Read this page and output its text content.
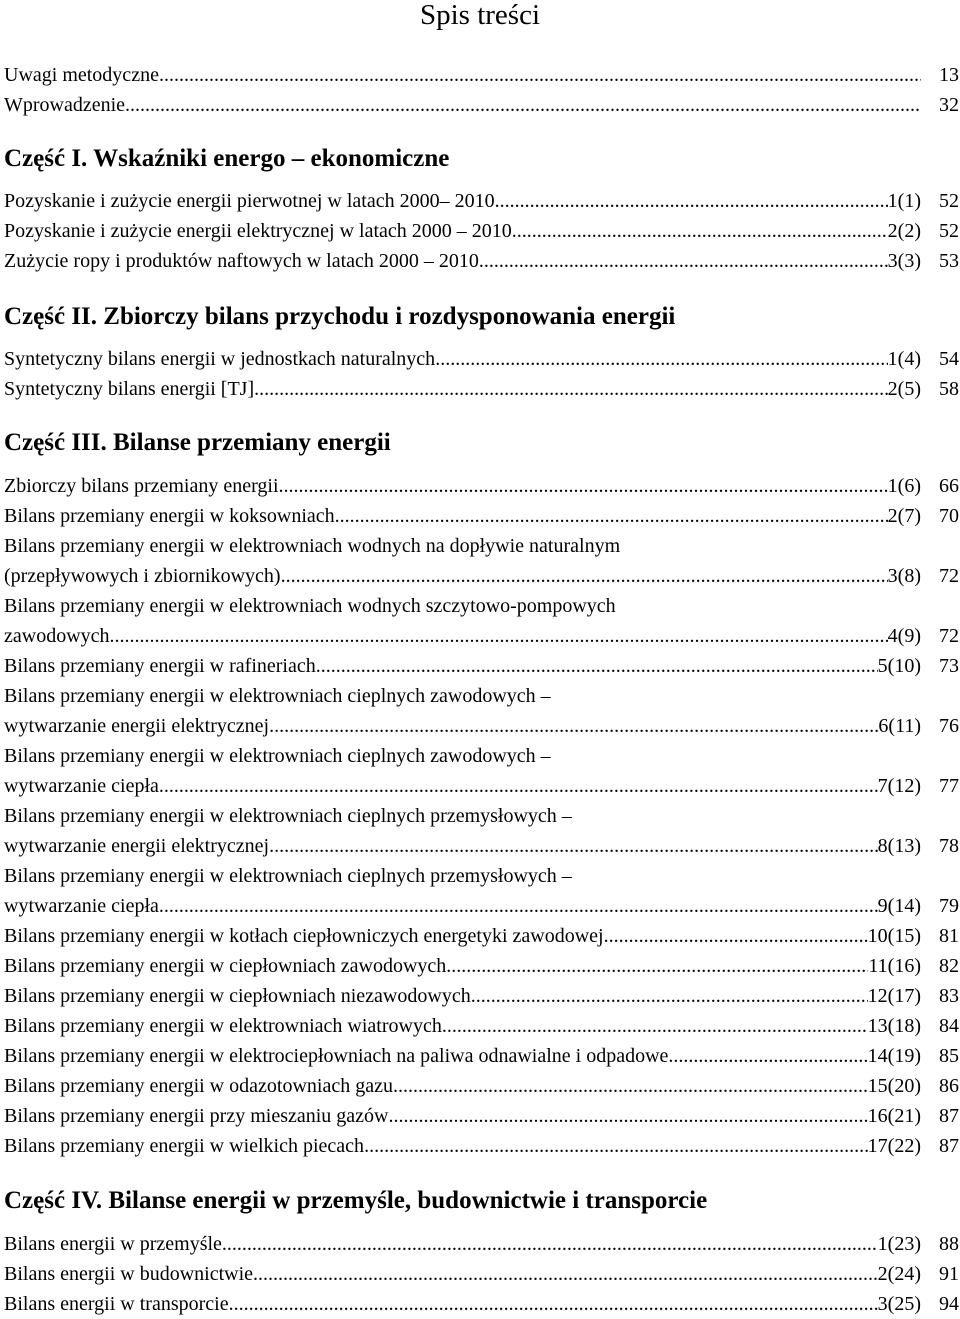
Spis treści
Uwagi metodyczne .....	13
Wprowadzenie .....	32
Część I. Wskaźniki energo – ekonomiczne
Pozyskanie i zużycie energii pierwotnej w latach 2000– 2010 .....	1(1) 52
Pozyskanie i zużycie energii elektrycznej w latach 2000 – 2010 .....	2(2) 52
Zużycie ropy i produktów naftowych w latach 2000 – 2010 .....	3(3) 53
Część II. Zbiorczy bilans przychodu i rozdysponowania energii
Syntetyczny bilans energii w jednostkach naturalnych .....	1(4) 54
Syntetyczny bilans energii [TJ] .....	2(5) 58
Część III. Bilanse przemiany energii
Zbiorczy bilans przemiany energii .....	1(6) 66
Bilans przemiany energii w koksowniach .....	2(7) 70
Bilans przemiany energii w elektrowniach wodnych na dopływie naturalnym
(przepływowych i zbiornikowych) .....	3(8) 72
Bilans przemiany energii w elektrowniach wodnych szczytowo-pompowych
zawodowych .....	4(9) 72
Bilans przemiany energii w rafineriach .....	5(10) 73
Bilans przemiany energii w elektrowniach cieplnych zawodowych –
wytwarzanie energii elektrycznej .....	6(11) 76
Bilans przemiany energii w elektrowniach cieplnych zawodowych –
wytwarzanie ciepła .....	7(12) 77
Bilans przemiany energii w elektrowniach cieplnych przemysłowych –
wytwarzanie energii elektrycznej .....	8(13) 78
Bilans przemiany energii w elektrowniach cieplnych przemysłowych –
wytwarzanie ciepła .....	9(14) 79
Bilans przemiany energii w kotłach ciepłowniczych energetyki zawodowej .....	10(15) 81
Bilans przemiany energii w ciepłowniach zawodowych .....	11(16) 82
Bilans przemiany energii w ciepłowniach niezawodowych .....	12(17) 83
Bilans przemiany energii w elektrowniach wiatrowych .....	13(18) 84
Bilans przemiany energii w elektrociepłowniach na paliwa odnawialne i odpadowe .....	14(19) 85
Bilans przemiany energii w odazotowniach gazu .....	15(20) 86
Bilans przemiany energii przy mieszaniu gazów .....	16(21) 87
Bilans przemiany energii w wielkich piecach .....	17(22) 87
Część IV. Bilanse energii w przemyśle, budownictwie i transporcie
Bilans energii w przemyśle .....	1(23) 88
Bilans energii w budownictwie .....	2(24) 91
Bilans energii w transporcie .....	3(25) 94
